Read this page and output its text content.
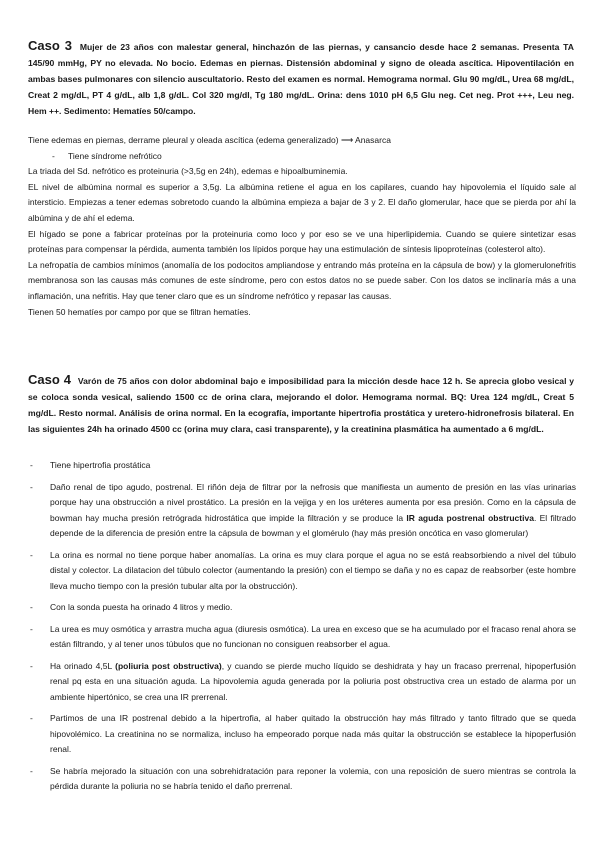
Caso 3 Mujer de 23 años con malestar general, hinchazón de las piernas, y cansancio desde hace 2 semanas. Presenta TA 145/90 mmHg, PY no elevada. No bocio. Edemas en piernas. Distensión abdominal y signo de oleada ascítica. Hipoventilación en ambas bases pulmonares con silencio auscultatorio. Resto del examen es normal. Hemograma normal. Glu 90 mg/dL, Urea 68 mg/dL, Creat 2 mg/dL, PT 4 g/dL, alb 1,8 g/dL. Col 320 mg/dl, Tg 180 mg/dL. Orina: dens 1010 pH 6,5 Glu neg. Cet neg. Prot +++, Leu neg. Hem ++. Sedimento: Hematíes 50/campo.

Tiene edemas en piernas, derrame pleural y oleada ascítica (edema generalizado) ⟶ Anasarca

- Tiene síndrome nefrótico

La triada del Sd. nefrótico es proteinuria (>3,5g en 24h), edemas e hipoalbuminemia.

EL nivel de albúmina normal es superior a 3,5g. La albúmina retiene el agua en los capilares, cuando hay hipovolemia el líquido sale al intersticio. Empiezas a tener edemas sobretodo cuando la albúmina empieza a bajar de 3 y 2. El daño glomerular, hace que se pierda por ahí la albúmina y de ahí el edema.

El hígado se pone a fabricar proteínas por la proteinuria como loco y por eso se ve una hiperlipidemia. Cuando se quiere sintetizar esas proteínas para compensar la pérdida, aumenta también los lípidos porque hay una estimulación de síntesis lipoproteínas (colesterol alto).

La nefropatía de cambios mínimos (anomalía de los podocitos ampliandose y entrando más proteína en la cápsula de bow) y la glomerulonefritis membranosa son las causas más comunes de este síndrome, pero con estos datos no se puede saber. Con los datos se inclinaría más a una inflamación, una nefritis. Hay que tener claro que es un síndrome nefrótico y repasar las causas.

Tienen 50 hematíes por campo por que se filtran hematíes.

Caso 4 Varón de 75 años con dolor abdominal bajo e imposibilidad para la micción desde hace 12 h. Se aprecia globo vesical y se coloca sonda vesical, saliendo 1500 cc de orina clara, mejorando el dolor. Hemograma normal. BQ: Urea 124 mg/dL, Creat 5 mg/dL. Resto normal. Análisis de orina normal. En la ecografía, importante hipertrofia prostática y uretero-hidronefrosis bilateral. En las siguientes 24h ha orinado 4500 cc (orina muy clara, casi transparente), y la creatinina plasmática ha aumentado a 6 mg/dL.
- Tiene hipertrofia prostática
- Daño renal de tipo agudo, postrenal. El riñón deja de filtrar por la nefrosis que manifiesta un aumento de presión en las vías urinarias porque hay una obstrucción a nivel prostático. La presión en la vejiga y en los uréteres aumenta por esa presión. Como en la cápsula de bowman hay mucha presión retrógrada hidrostática que impide la filtración y se produce la IR aguda postrenal obstructiva. El filtrado depende de la diferencia de presión entre la cápsula de bowman y el glomérulo (hay más presión oncótica en vaso glomerular)
- La orina es normal no tiene porque haber anomalías. La orina es muy clara porque el agua no se está reabsorbiendo a nivel del túbulo distal y colector. La dilatacion del túbulo colector (aumentando la presión) con el tiempo se daña y no es capaz de reabsorber (este hombre lleva mucho tiempo con la presión tubular alta por la obstrucción).
- Con la sonda puesta ha orinado 4 litros y medio.
- La urea es muy osmótica y arrastra mucha agua (diuresis osmótica). La urea en exceso que se ha acumulado por el fracaso renal ahora se están filtrando, y al tener unos túbulos que no funcionan no consiguen reabsorber el agua.
- Ha orinado 4,5L (poliuria post obstructiva), y cuando se pierde mucho líquido se deshidrata y hay un fracaso prerrenal, hipoperfusión renal pq esta en una situación aguda. La hipovolemia aguda generada por la poliuria post obstructiva crea un estado de alarma por un ambiente hipertónico, se crea una IR prerrenal.
- Partimos de una IR postrenal debido a la hipertrofia, al haber quitado la obstrucción hay más filtrado y tanto filtrado que se queda hipovolémico. La creatinina no se normaliza, incluso ha empeorado porque nada más quitar la obstrucción se establece la hipoperfusión renal.
- Se habría mejorado la situación con una sobrehidratación para reponer la volemia, con una reposición de suero mientras se controla la pérdida durante la poliuria no se habría tenido el daño prerrenal.
